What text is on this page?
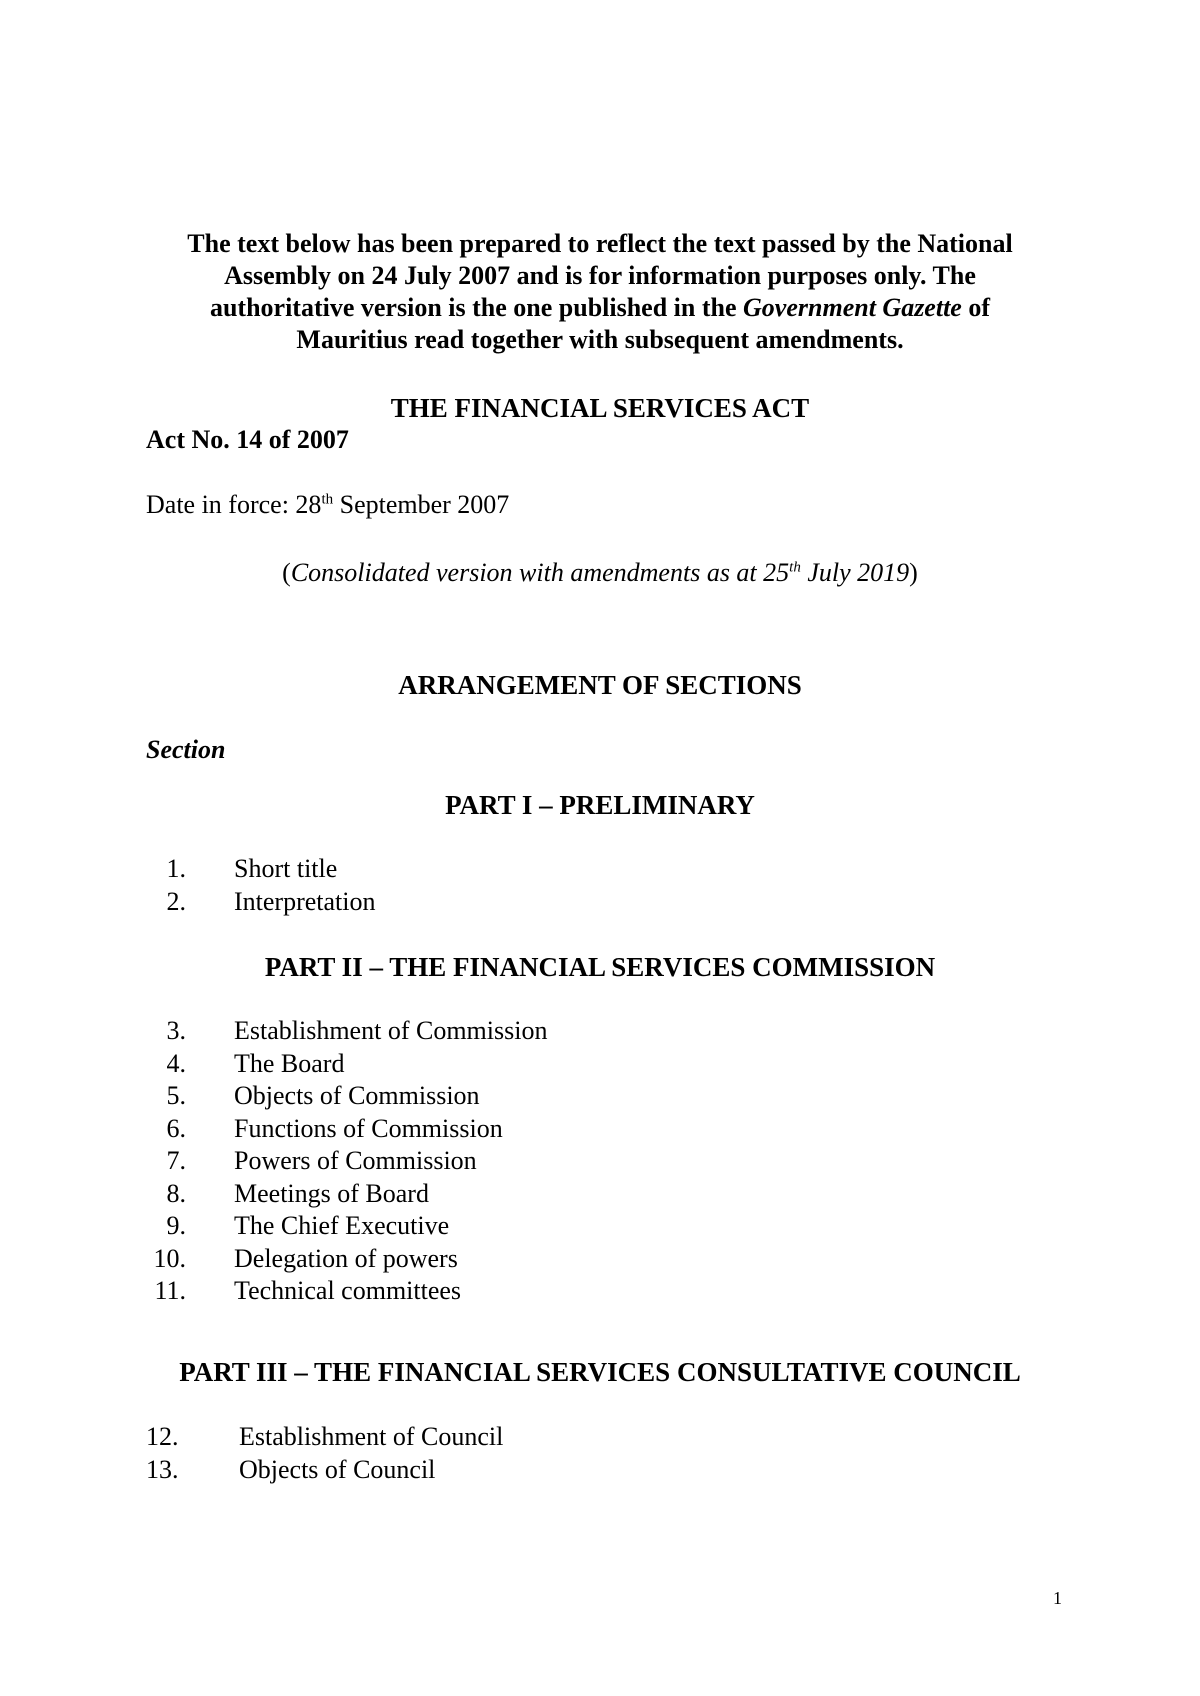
The text below has been prepared to reflect the text passed by the National
Assembly on 24 July 2007 and is for information purposes only. The
authoritative version is the one published in the Government Gazette of
Mauritius read together with subsequent amendments.
THE FINANCIAL SERVICES ACT
Act No. 14 of 2007
Date in force: 28th September 2007
(Consolidated version with amendments as at 25th July 2019)
ARRANGEMENT OF SECTIONS
Section
PART I – PRELIMINARY
1. Short title
2. Interpretation
PART II – THE FINANCIAL SERVICES COMMISSION
3. Establishment of Commission
4. The Board
5. Objects of Commission
6. Functions of Commission
7. Powers of Commission
8. Meetings of Board
9. The Chief Executive
10. Delegation of powers
11. Technical committees
PART III – THE FINANCIAL SERVICES CONSULTATIVE COUNCIL
12.	Establishment of Council
13.	Objects of Council
1
